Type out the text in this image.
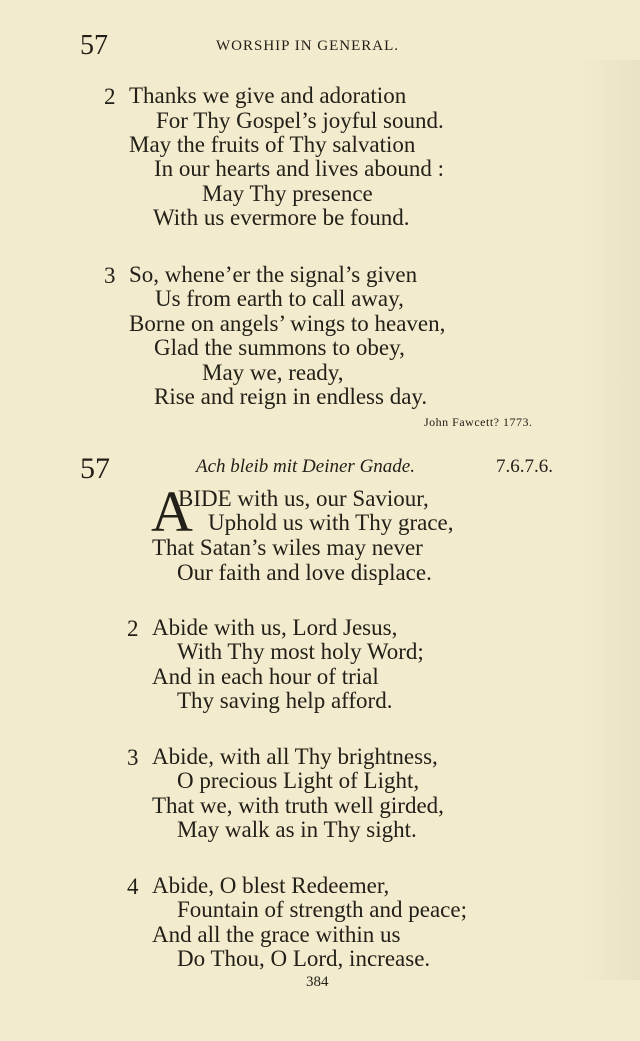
57	WORSHIP IN GENERAL.
2 Thanks we give and adoration
For Thy Gospel’s joyful sound.
May the fruits of Thy salvation
In our hearts and lives abound :
May Thy presence
With us evermore be found.
3 So, whene’er the signal’s given
Us from earth to call away,
Borne on angels’ wings to heaven,
Glad the summons to obey,
May we, ready,
Rise and reign in endless day.
John Fawcett? 1773.
57	Ach bleib mit Deiner Gnade.	7.6.7.6.
A
BIDE with us, our Saviour,
Uphold us with Thy grace,
That Satan’s wiles may never
Our faith and love displace.
2 Abide with us, Lord Jesus,
With Thy most holy Word;
And in each hour of trial
Thy saving help afford.
3 Abide, with all Thy brightness,
O precious Light of Light,
That we, with truth well girded,
May walk as in Thy sight.
4 Abide, O blest Redeemer,
Fountain of strength and peace;
And all the grace within us
Do Thou, O Lord, increase.
384
